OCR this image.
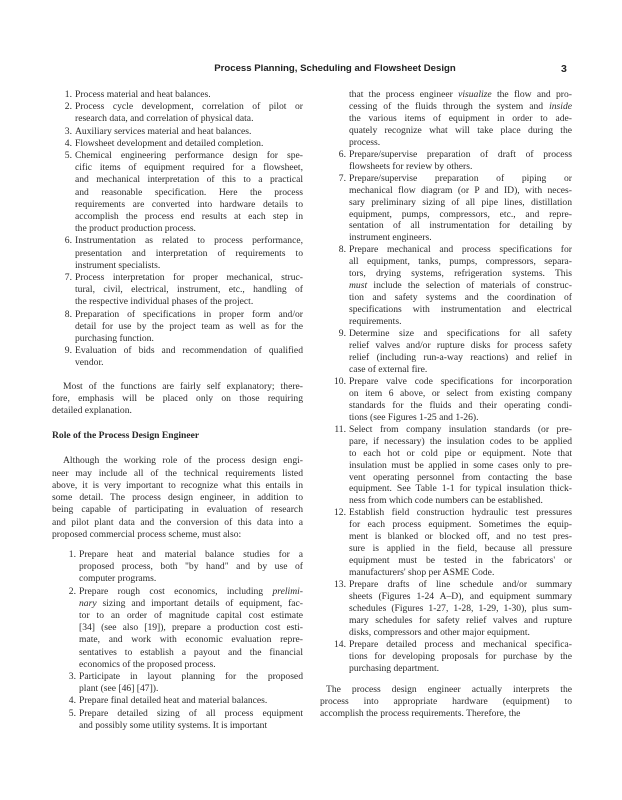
Process Planning, Scheduling and Flowsheet Design	3
1. Process material and heat balances.
2. Process cycle development, correlation of pilot or
research data, and correlation of physical data.
3. Auxiliary services material and heat balances.
4. Flowsheet development and detailed completion.
5. Chemical engineering performance design for spe-
cific items of equipment required for a flowsheet,
and mechanical interpretation of this to a practical
and reasonable specification. Here the process
requirements are converted into hardware details to
accomplish the process end results at each step in
the product production process.
6. Instrumentation as related to process performance,
presentation and interpretation of requirements to
instrument specialists.
7. Process interpretation for proper mechanical, struc-
tural, civil, electrical, instrument, etc., handling of
the respective individual phases of the project.
8. Preparation of specifications in proper form and/or
detail for use by the project team as well as for the
purchasing function.
9. Evaluation of bids and recommendation of qualified
vendor.
Most of the functions are fairly self explanatory; there-
fore, emphasis will be placed only on those requiring
detailed explanation.
Role of the Process Design Engineer
Although the working role of the process design engi-
neer may include all of the technical requirements listed
above, it is very important to recognize what this entails in
some detail. The process design engineer, in addition to
being capable of participating in evaluation of research
and pilot plant data and the conversion of this data into a
proposed commercial process scheme, must also:
1. Prepare heat and material balance studies for a
proposed process, both "by hand" and by use of
computer programs.
2. Prepare rough cost economics, including prelimi-
nary sizing and important details of equipment, fac-
tor to an order of magnitude capital cost estimate
[34] (see also [19]), prepare a production cost esti-
mate, and work with economic evaluation repre-
sentatives to establish a payout and the financial
economics of the proposed process.
3. Participate in layout planning for the proposed
plant (see [46] [47]).
4. Prepare final detailed heat and material balances.
5. Prepare detailed sizing of all process equipment
and possibly some utility systems. It is important
that the process engineer visualize the flow and pro-
cessing of the fluids through the system and inside
the various items of equipment in order to ade-
quately recognize what will take place during the
process.
6. Prepare/supervise preparation of draft of process
flowsheets for review by others.
7. Prepare/supervise preparation of piping or
mechanical flow diagram (or P and ID), with neces-
sary preliminary sizing of all pipe lines, distillation
equipment, pumps, compressors, etc., and repre-
sentation of all instrumentation for detailing by
instrument engineers.
8. Prepare mechanical and process specifications for
all equipment, tanks, pumps, compressors, separa-
tors, drying systems, refrigeration systems. This
must include the selection of materials of construc-
tion and safety systems and the coordination of
specifications with instrumentation and electrical
requirements.
9. Determine size and specifications for all safety
relief valves and/or rupture disks for process safety
relief (including run-a-way reactions) and relief in
case of external fire.
10. Prepare valve code specifications for incorporation
on item 6 above, or select from existing company
standards for the fluids and their operating condi-
tions (see Figures 1-25 and 1-26).
11. Select from company insulation standards (or pre-
pare, if necessary) the insulation codes to be applied
to each hot or cold pipe or equipment. Note that
insulation must be applied in some cases only to pre-
vent operating personnel from contacting the base
equipment. See Table 1-1 for typical insulation thick-
ness from which code numbers can be established.
12. Establish field construction hydraulic test pressures
for each process equipment. Sometimes the equip-
ment is blanked or blocked off, and no test pres-
sure is applied in the field, because all pressure
equipment must be tested in the fabricators' or
manufacturers' shop per ASME Code.
13. Prepare drafts of line schedule and/or summary
sheets (Figures 1-24 A–D), and equipment summary
schedules (Figures 1-27, 1-28, 1-29, 1-30), plus sum-
mary schedules for safety relief valves and rupture
disks, compressors and other major equipment.
14. Prepare detailed process and mechanical specifica-
tions for developing proposals for purchase by the
purchasing department.
The process design engineer actually interprets the
process into appropriate hardware (equipment) to
accomplish the process requirements. Therefore, the
